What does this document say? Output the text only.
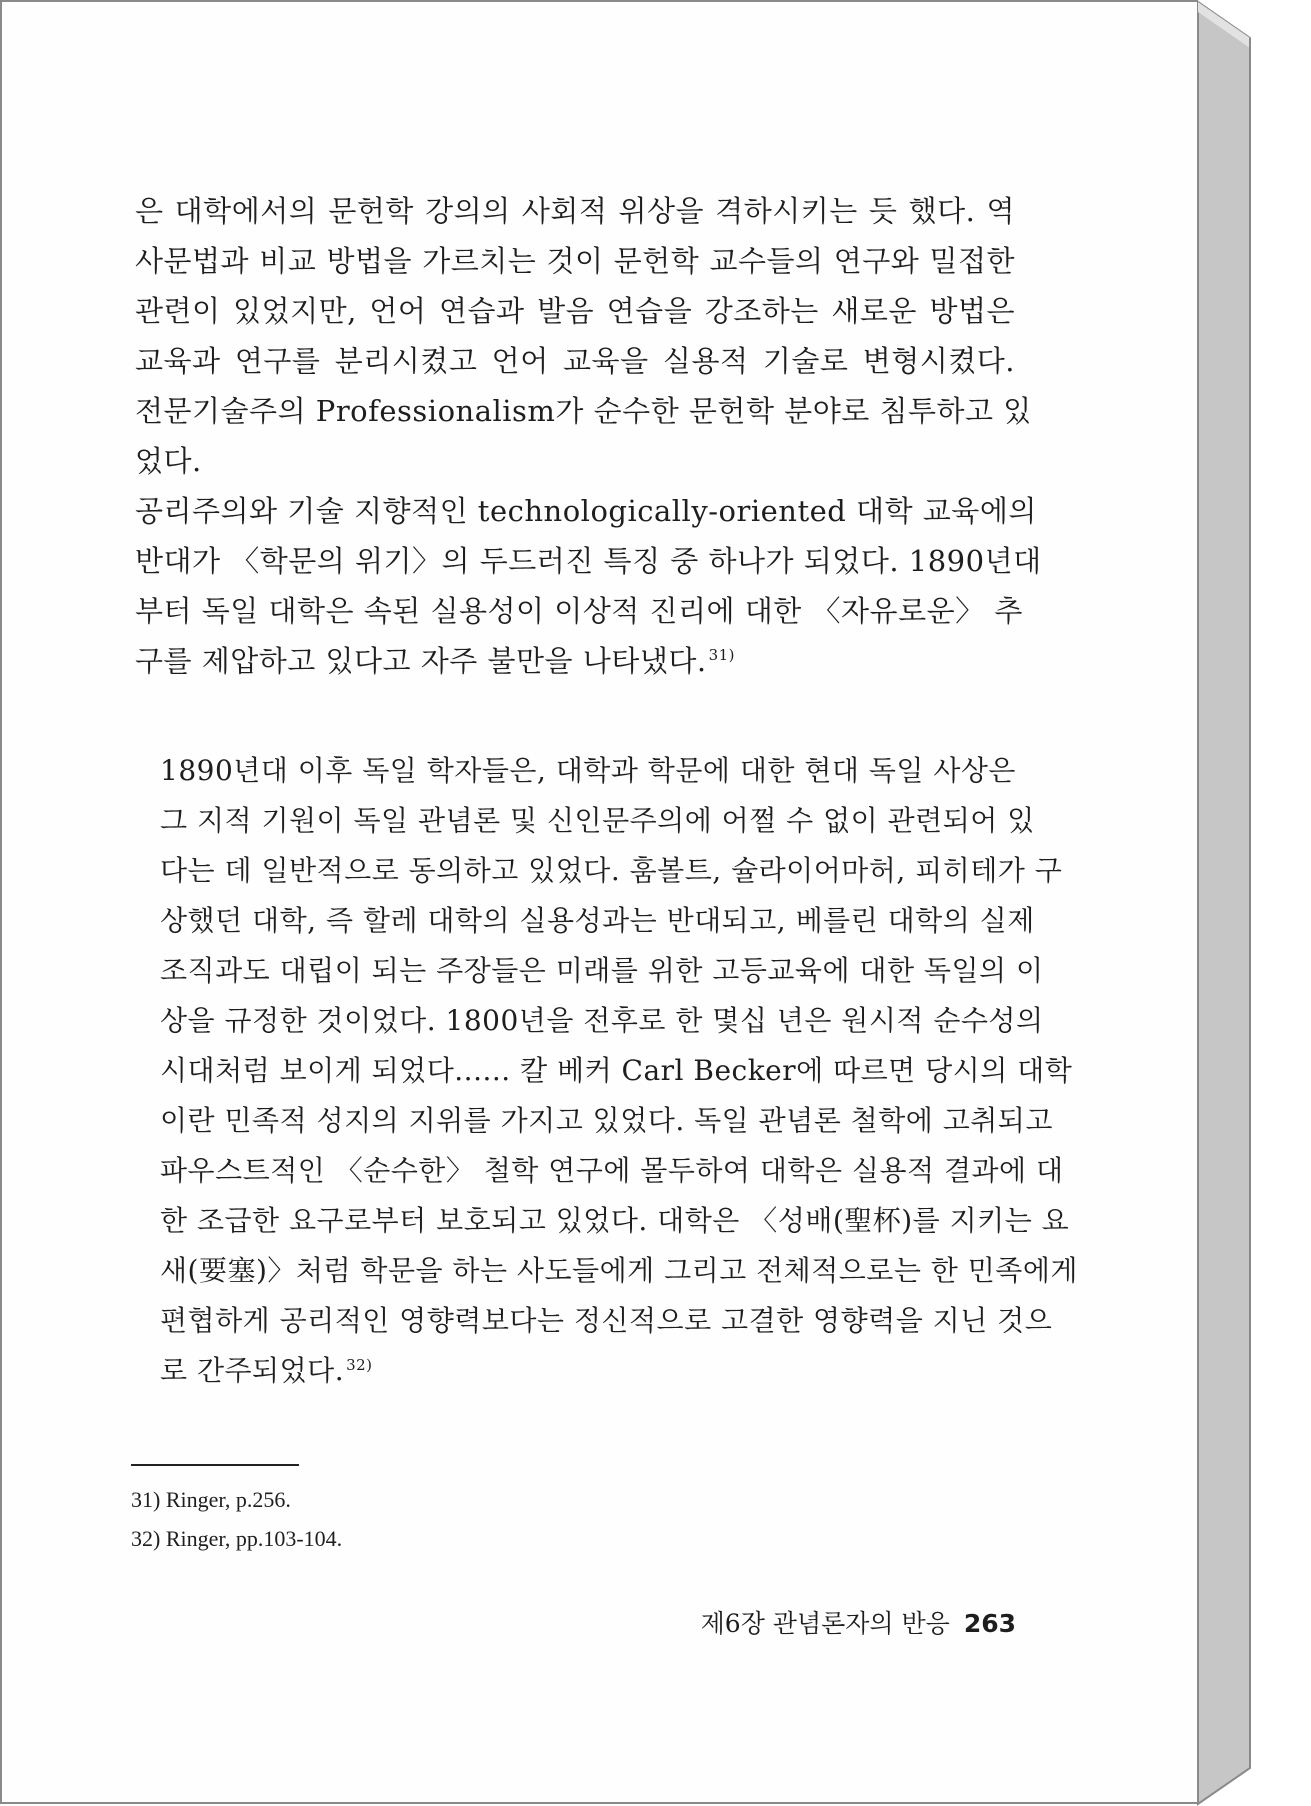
은 대학에서의 문헌학 강의의 사회적 위상을 격하시키는 듯 했다. 역
사문법과 비교 방법을 가르치는 것이 문헌학 교수들의 연구와 밀접한
관련이 있었지만, 언어 연습과 발음 연습을 강조하는 새로운 방법은
교육과 연구를 분리시켰고 언어 교육을 실용적 기술로 변형시켰다.
전문기술주의 Professionalism가 순수한 문헌학 분야로 침투하고 있
었다.
공리주의와 기술 지향적인 technologically-oriented 대학 교육에의
반대가 〈학문의 위기〉의 두드러진 특징 중 하나가 되었다. 1890년대
부터 독일 대학은 속된 실용성이 이상적 진리에 대한 〈자유로운〉 추
구를 제압하고 있다고 자주 불만을 나타냈다. $^{31)}$
1890년대 이후 독일 학자들은, 대학과 학문에 대한 현대 독일 사상은
그 지적 기원이 독일 관념론 및 신인문주의에 어쩔 수 없이 관련되어 있
다는 데 일반적으로 동의하고 있었다. 훔볼트, 슐라이어마허, 피히테가 구
상했던 대학, 즉 할레 대학의 실용성과는 반대되고, 베를린 대학의 실제
조직과도 대립이 되는 주장들은 미래를 위한 고등교육에 대한 독일의 이
상을 규정한 것이었다. 1800년을 전후로 한 몇십 년은 원시적 순수성의
시대처럼 보이게 되었다...... 칼 베커 Carl Becker에 따르면 당시의 대학
이란 민족적 성지의 지위를 가지고 있었다. 독일 관념론 철학에 고취되고
파우스트적인 〈순수한〉 철학 연구에 몰두하여 대학은 실용적 결과에 대
한 조급한 요구로부터 보호되고 있었다. 대학은 〈성배(聖杯)를 지키는 요
새(要塞)〉처럼 학문을 하는 사도들에게 그리고 전체적으로는 한 민족에게
편협하게 공리적인 영향력보다는 정신적으로 고결한 영향력을 지닌 것으
로 간주되었다. $^{32)}$
31) Ringer, p.256.
32) Ringer, pp.103-104.
제6장 관념론자의 반응 263
